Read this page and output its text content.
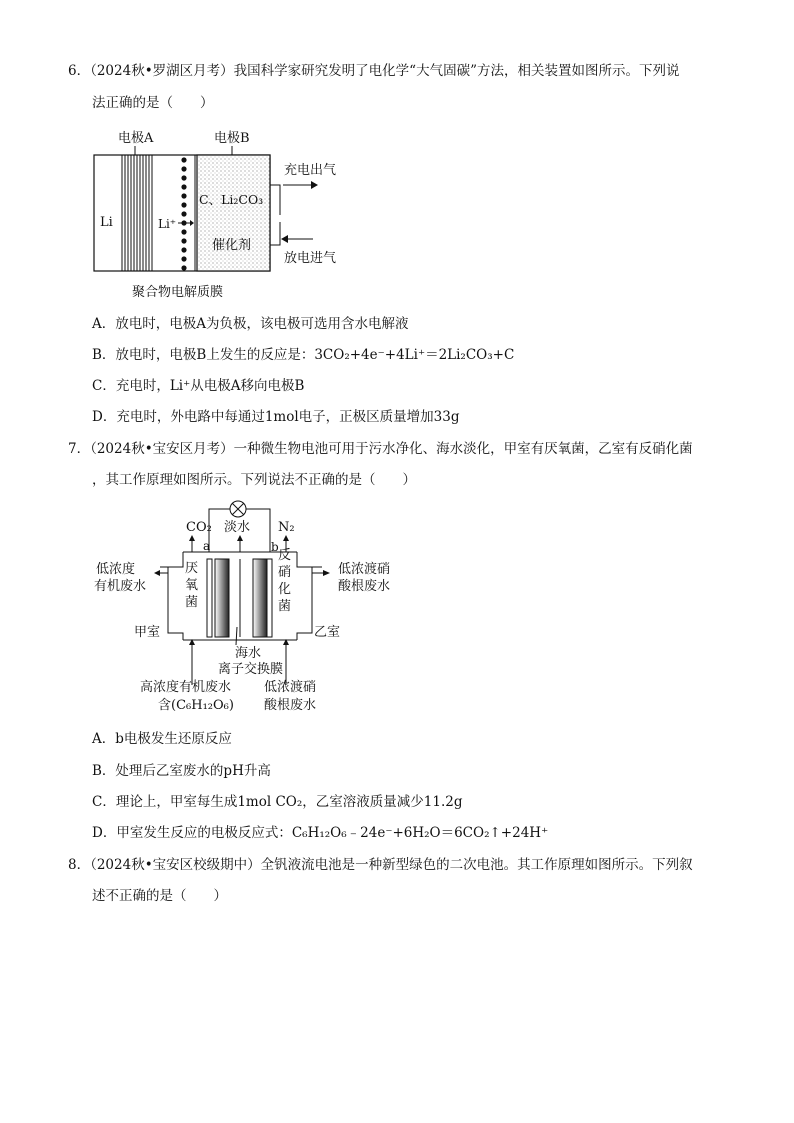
6．（2024秋•罗湖区月考）我国科学家研究发明了电化学“大气固碳”方法，相关装置如图所示。下列说
法正确的是（　　）
电极A	电极B
Li	Li⁺
C、Li₂CO₃
催化剂
充电出气
放电进气
聚合物电解质膜
A．放电时，电极A为负极，该电极可选用含水电解液
B．放电时，电极B上发生的反应是：3CO₂+4e⁻+4Li⁺＝2Li₂CO₃+C
C．充电时，Li⁺从电极A移向电极B
D．充电时，外电路中每通过1mol电子，正极区质量增加33g
7．（2024秋•宝安区月考）一种微生物电池可用于污水净化、海水淡化，甲室有厌氧菌，乙室有反硝化菌
，其工作原理如图所示。下列说法不正确的是（　　）
CO₂ 淡水 N₂
a	b
低浓度
有机废水
低浓渡硝
酸根废水
厌
氧
菌
反
硝
化
菌
甲室	乙室
海水
离子交换膜
高浓度有机废水
含(C₆H₁₂O₆)
低浓渡硝
酸根废水
A．b电极发生还原反应
B．处理后乙室废水的pH升高
C．理论上，甲室每生成1mol CO₂，乙室溶液质量减少11.2g
D．甲室发生反应的电极反应式：C₆H₁₂O₆﹣24e⁻+6H₂O＝6CO₂↑+24H⁺
8．（2024秋•宝安区校级期中）全钒液流电池是一种新型绿色的二次电池。其工作原理如图所示。下列叙
述不正确的是（　　）
